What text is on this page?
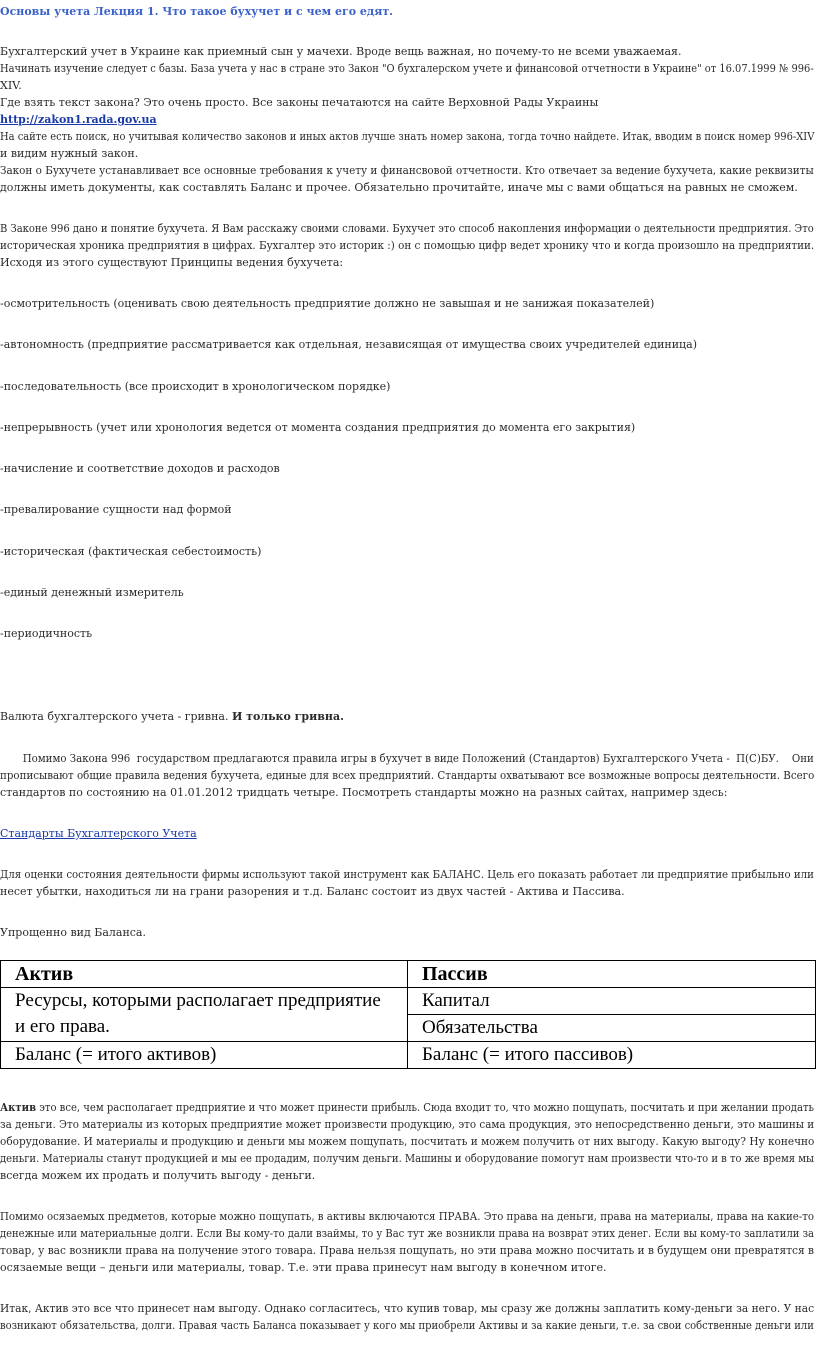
Основы учета Лекция 1. Что такое бухучет и с чем его едят.
Бухгалтерский учет в Украине как приемный сын у мачехи. Вроде вещь важная, но почему-то не всеми уважаемая.
Начинать изучение следует с базы. База учета у нас в стране это Закон "О бухгалерском учете и финансовой отчетности в Украине" от 16.07.1999 № 996-
XIV.
Где взять текст закона? Это очень просто. Все законы печатаются на сайте Верховной Рады Украины
http://zakon1.rada.gov.ua
На сайте есть поиск, но учитывая количество законов и иных актов лучше знать номер закона, тогда точно найдете. Итак, вводим в поиск номер 996-XIV
и видим нужный закон.
Закон о Бухучете устанавливает все основные требования к учету и финансвовой отчетности. Кто отвечает за ведение бухучета, какие реквизиты
должны иметь документы, как составлять Баланс и прочее. Обязательно прочитайте, иначе мы с вами общаться на равных не сможем.
В Законе 996 дано и понятие бухучета. Я Вам расскажу своими словами. Бухучет это способ накопления информации о деятельности предприятия. Это
историческая хроника предприятия в цифрах. Бухгалтер это историк :) он с помощью цифр ведет хронику что и когда произошло на предприятии.
Исходя из этого существуют Принципы ведения бухучета:
-осмотрительность (оценивать свою деятельность предприятие должно не завышая и не занижая показателей)
-автономность (предприятие рассматривается как отдельная, независящая от имущества своих учредителей единица)
-последовательность (все происходит в хронологическом порядке)
-непрерывность (учет или хронология ведется от момента создания предприятия до момента его закрытия)
-начисление и соответствие доходов и расходов
-превалирование сущности над формой
-историческая (фактическая себестоимость)
-единый денежный измеритель
-периодичность
Валюта бухгалтерского учета - гривна. И только гривна.
Помимо Закона 996  государством предлагаются правила игры в бухучет в виде Положений (Стандартов) Бухгалтерского Учета -  П(С)БУ.    Они
прописывают общие правила ведения бухучета, единые для всех предприятий. Стандарты охватывают все возможные вопросы деятельности. Всего
стандартов по состоянию на 01.01.2012 тридцать четыре. Посмотреть стандарты можно на разных сайтах, например здесь:
Стандарты Бухгалтерского Учета
Для оценки состояния деятельности фирмы используют такой инструмент как БАЛАНС. Цель его показать работает ли предприятие прибыльно или
несет убытки, находиться ли на грани разорения и т.д. Баланс состоит из двух частей - Актива и Пассива.
Упрощенно вид Баланса.
Актив	Пассив
Ресурсы, которыми располагает предприятие и его права.	Капитал
	Обязательства
Баланс (= итого активов)	Баланс (= итого пассивов)
Актив это все, чем располагает предприятие и что может принести прибыль. Сюда входит то, что можно пощупать, посчитать и при желании продать
за деньги. Это материалы из которых предприятие может произвести продукцию, это сама продукция, это непосредственно деньги, это машины и
оборудование. И материалы и продукцию и деньги мы можем пощупать, посчитать и можем получить от них выгоду. Какую выгоду? Ну конечно
деньги. Материалы станут продукцией и мы ее продадим, получим деньги. Машины и оборудование помогут нам произвести что-то и в то же время мы
всегда можем их продать и получить выгоду - деньги.
Помимо осязаемых предметов, которые можно пощупать, в активы включаются ПРАВА. Это права на деньги, права на материалы, права на какие-то
денежные или материальные долги. Если Вы кому-то дали взаймы, то у Вас тут же возникли права на возврат этих денег. Если вы кому-то заплатили за
товар, у вас возникли права на получение этого товара. Права нельзя пощупать, но эти права можно посчитать и в будущем они превратятся в
осязаемые вещи – деньги или материалы, товар. Т.е. эти права принесут нам выгоду в конечном итоге.
Итак, Актив это все что принесет нам выгоду. Однако согласитесь, что купив товар, мы сразу же должны заплатить кому-деньги за него. У нас
возникают обязательства, долги. Правая часть Баланса показывает у кого мы приобрели Активы и за какие деньги, т.е. за свои собственные деньги или
